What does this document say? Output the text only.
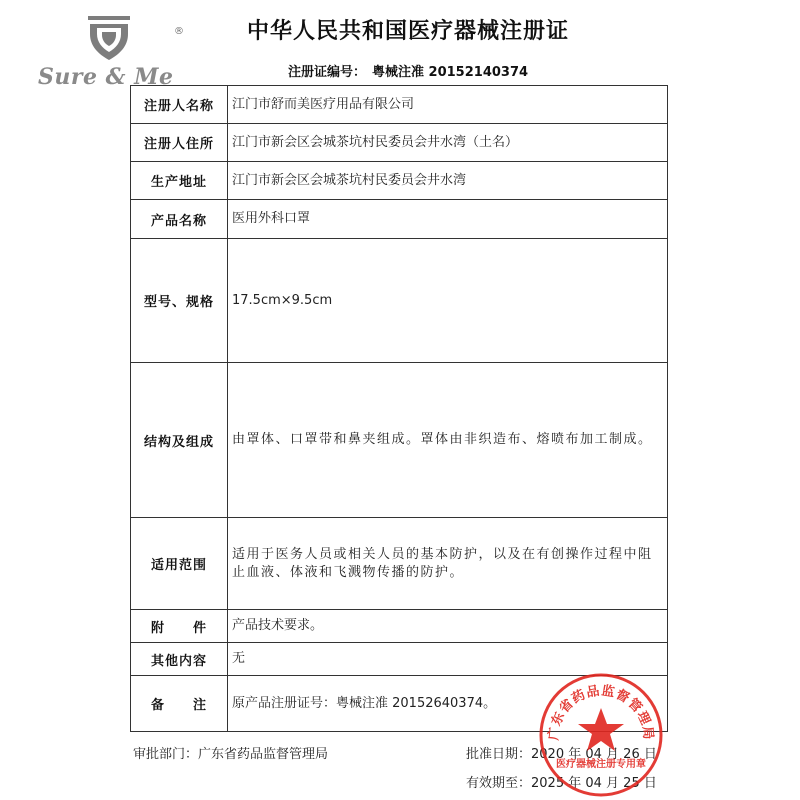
®
Sure & Me
中华人民共和国医疗器械注册证
注册证编号： 粤械注准 20152140374
注册人名称	江门市舒而美医疗用品有限公司
注册人住所	江门市新会区会城茶坑村民委员会井水湾（土名）
生产地址	江门市新会区会城茶坑村民委员会井水湾
产品名称	医用外科口罩
型号、规格	17.5cm×9.5cm
结构及组成	由罩体、口罩带和鼻夹组成。罩体由非织造布、熔喷布加工制成。
适用范围	适用于医务人员或相关人员的基本防护，以及在有创操作过程中阻止血液、体液和飞溅物传播的防护。
附　　件	产品技术要求。
其他内容	无
备　　注	原产品注册证号：粤械注准 20152640374。
审批部门：广东省药品监督管理局	批准日期：2020 年 04 月 26 日
有效期至：2025 年 04 月 25 日
广东省药品监督管理局
医疗器械注册专用章
